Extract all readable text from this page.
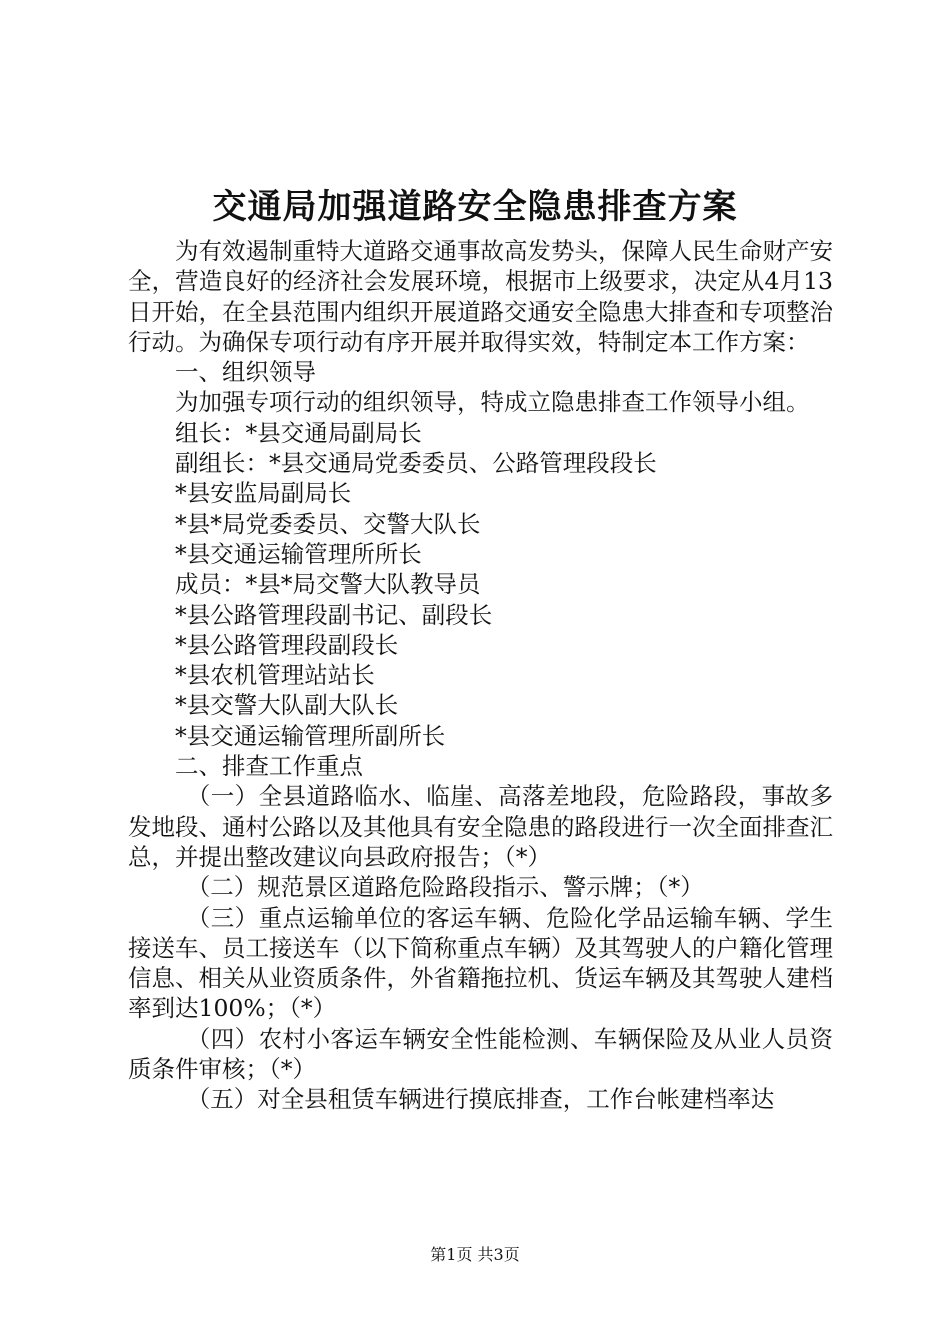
交通局加强道路安全隐患排查方案

为有效遏制重特大道路交通事故高发势头，保障人民生命财产安全，营造良好的经济社会发展环境，根据市上级要求，决定从4月13日开始，在全县范围内组织开展道路交通安全隐患大排查和专项整治行动。为确保专项行动有序开展并取得实效，特制定本工作方案：

一、组织领导

为加强专项行动的组织领导，特成立隐患排查工作领导小组。

组长：*县交通局副局长

副组长：*县交通局党委委员、公路管理段段长

*县安监局副局长

*县*局党委委员、交警大队长

*县交通运输管理所所长

成员：*县*局交警大队教导员

*县公路管理段副书记、副段长

*县公路管理段副段长

*县农机管理站站长

*县交警大队副大队长

*县交通运输管理所副所长

二、排查工作重点

（一）全县道路临水、临崖、高落差地段，危险路段，事故多发地段、通村公路以及其他具有安全隐患的路段进行一次全面排查汇总，并提出整改建议向县政府报告；（*）

（二）规范景区道路危险路段指示、警示牌；（*）

（三）重点运输单位的客运车辆、危险化学品运输车辆、学生接送车、员工接送车（以下简称重点车辆）及其驾驶人的户籍化管理信息、相关从业资质条件，外省籍拖拉机、货运车辆及其驾驶人建档率到达100%；（*）

（四）农村小客运车辆安全性能检测、车辆保险及从业人员资质条件审核；（*）

（五）对全县租赁车辆进行摸底排查，工作台帐建档率达

第1页 共3页
